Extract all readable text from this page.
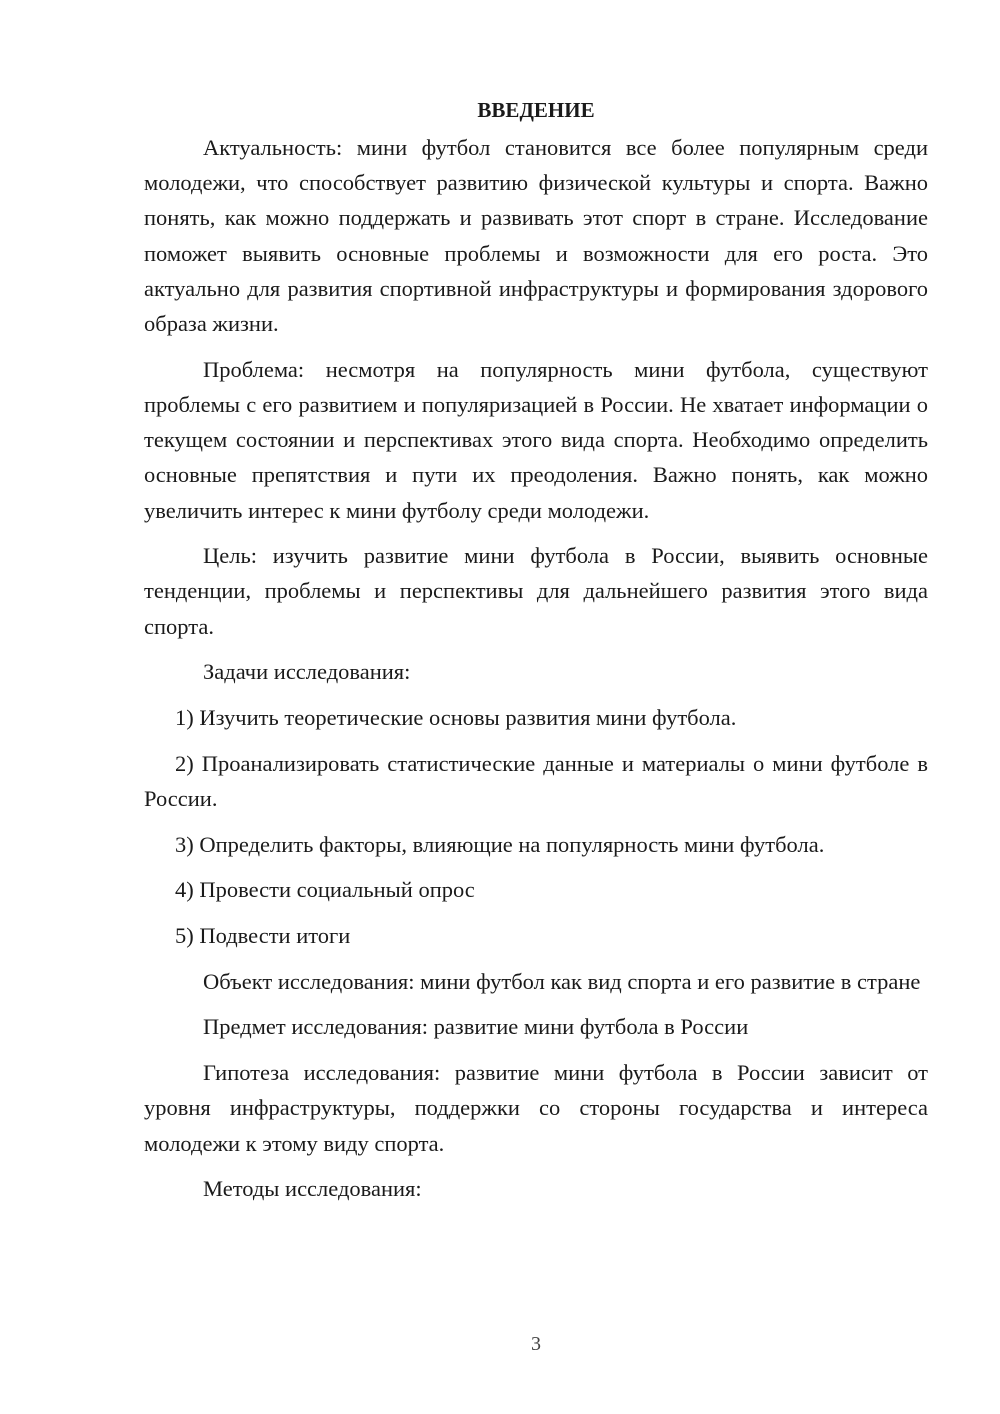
ВВЕДЕНИЕ
Актуальность: мини футбол становится все более популярным среди молодежи, что способствует развитию физической культуры и спорта. Важно понять, как можно поддержать и развивать этот спорт в стране. Исследование поможет выявить основные проблемы и возможности для его роста. Это актуально для развития спортивной инфраструктуры и формирования здорового образа жизни.
Проблема: несмотря на популярность мини футбола, существуют проблемы с его развитием и популяризацией в России. Не хватает информации о текущем состоянии и перспективах этого вида спорта. Необходимо определить основные препятствия и пути их преодоления. Важно понять, как можно увеличить интерес к мини футболу среди молодежи.
Цель: изучить развитие мини футбола в России, выявить основные тенденции, проблемы и перспективы для дальнейшего развития этого вида спорта.
Задачи исследования:
1) Изучить теоретические основы развития мини футбола.
2) Проанализировать статистические данные и материалы о мини футболе в России.
3) Определить факторы, влияющие на популярность мини футбола.
4) Провести социальный опрос
5) Подвести итоги
Объект исследования: мини футбол как вид спорта и его развитие в стране
Предмет исследования: развитие мини футбола в России
Гипотеза исследования: развитие мини футбола в России зависит от уровня инфраструктуры, поддержки со стороны государства и интереса молодежи к этому виду спорта.
Методы исследования:
3
